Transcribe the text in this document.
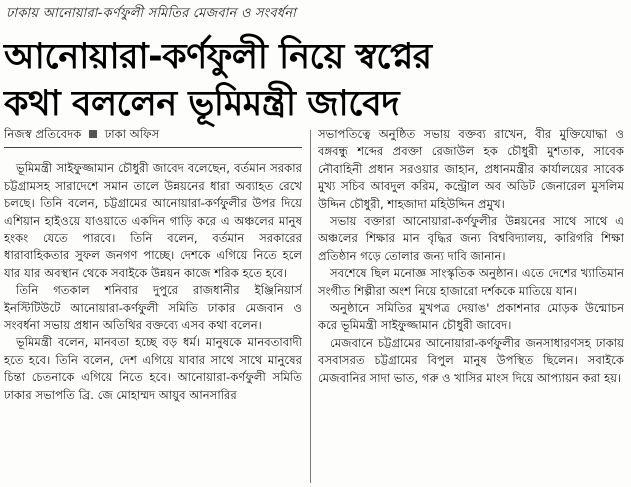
ঢাকায় আনোয়ারা-কর্ণফুলী সমিতির মেজবান ও সংবর্ধনা
আনোয়ারা-কর্ণফুলী নিয়ে স্বপ্নের
কথা বললেন ভূমিমন্ত্রী জাবেদ
নিজস্ব প্রতিবেদক ঢাকা অফিস

ভূমিমন্ত্রী সাইফুজ্জামান চৌধুরী জাবেদ বলেছেন, বর্তমান সরকার চট্টগ্রামসহ সারাদেশে সমান তালে উন্নয়নের ধারা অব্যাহত রেখে চলছে। তিনি বলেন, চট্টগ্রামের আনোয়ারা-কর্ণফুলীর উপর দিয়ে এশিয়ান হাইওয়ে যাওয়াতে একদিন গাড়ি করে এ অঞ্চলের মানুষ হংকং যেতে পারবে। তিনি বলেন, বর্তমান সরকারের ধারাবাহিকতার সুফল জনগণ পাচ্ছে। দেশকে এগিয়ে নিতে হলে যার যার অবস্থান থেকে সবাইকে উন্নয়ন কাজে শরিক হতে হবে।

তিনি গতকাল শনিবার দুপুরে রাজধানীর ইঞ্জিনিয়ার্স ইনস্টিটিউটে আনোয়ারা-কর্ণফুলী সমিতি ঢাকার মেজবান ও সংবর্ধনা সভায় প্রধান অতিথির বক্তব্যে এসব কথা বলেন।

ভূমিমন্ত্রী বলেন, মানবতা হচ্ছে বড় ধর্ম। মানুষকে মানবতাবাদী হতে হবে। তিনি বলেন, দেশ এগিয়ে যাবার সাথে সাথে মানুষের চিন্তা চেতনাকে এগিয়ে নিতে হবে। আনোয়ারা-কর্ণফুলী সমিতি ঢাকার সভাপতি ব্রি. জে মোহাম্মদ আয়ুব আনসারির

সভাপতিত্বে অনুষ্ঠিত সভায় বক্তব্য রাখেন, বীর মুক্তিযোদ্ধা ও বঙ্গবন্ধু শব্দের প্রবক্তা রেজাউল হক চৌধুরী মুশতাক, সাবেক নৌবাহিনী প্রধান সরওয়ার জাহান, প্রধানমন্ত্রীর কার্যালয়ের সাবেক মুখ্য সচিব আবদুল করিম, কন্ট্রোল অব অডিট জেনারেল মুসলিম উদ্দিন চৌধুরী, শাহজাদা মহিউদ্দিন প্রমুখ।

সভায় বক্তারা আনোয়ারা-কর্ণফুলীর উন্নয়নের সাথে সাথে এ অঞ্চলের শিক্ষার মান বৃদ্ধির জন্য বিশ্ববিদ্যালয়, কারিগরি শিক্ষা প্রতিষ্ঠান গড়ে তোলার জন্য দাবি জানান।

সবশেষে ছিল মনোজ্ঞ সাংস্কৃতিক অনুষ্ঠান। এতে দেশের খ্যাতিমান সংগীত শিল্পীরা অংশ নিয়ে হাজারো দর্শককে মাতিয়ে যান।

অনুষ্ঠানে সমিতির মুখপত্র দেয়াঙ' প্রকাশনার মোড়ক উন্মোচন করে ভূমিমন্ত্রী সাইফুজ্জামান চৌধুরী জাবেদ।

মেজবানে চট্টগ্রামের আনোয়ারা-কর্ণফুলীর জনসাধারণসহ ঢাকায় বসবাসরত চট্টগ্রামের বিপুল মানুষ উপস্থিত ছিলেন। সবাইকে মেজবানির সাদা ভাত, গরু ও খাসির মাংস দিয়ে আপ্যায়ন করা হয়।
